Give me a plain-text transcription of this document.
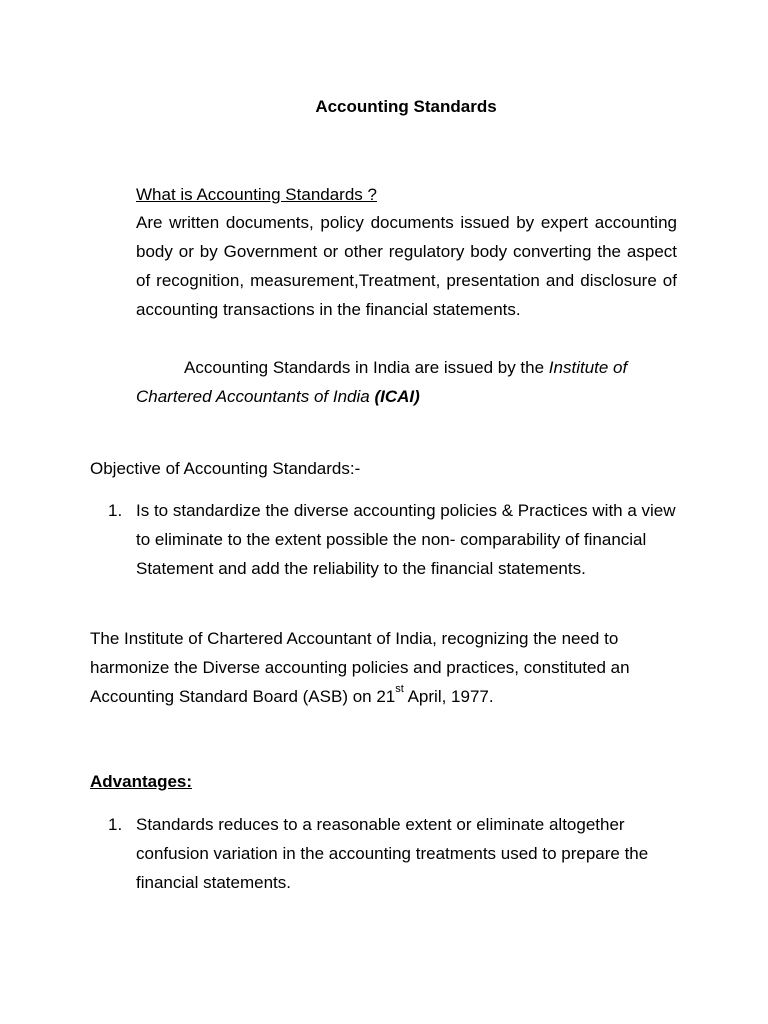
Accounting Standards
What is Accounting Standards ?
Are written documents, policy documents issued by expert accounting body or by Government or other regulatory body converting the aspect of recognition, measurement,Treatment, presentation and disclosure of accounting transactions in the financial statements.
Accounting Standards in India are issued by the Institute of Chartered Accountants of India (ICAI)
Objective of Accounting Standards:-
1. Is to standardize the diverse accounting policies & Practices with a view to eliminate to the extent possible the non- comparability of financial Statement and add the reliability to the financial statements.
The Institute of Chartered Accountant of India, recognizing the need to harmonize the Diverse accounting policies and practices, constituted an Accounting Standard Board (ASB) on 21st April, 1977.
Advantages:
1. Standards reduces to a reasonable extent or eliminate altogether confusion variation in the accounting treatments used to prepare the financial statements.
